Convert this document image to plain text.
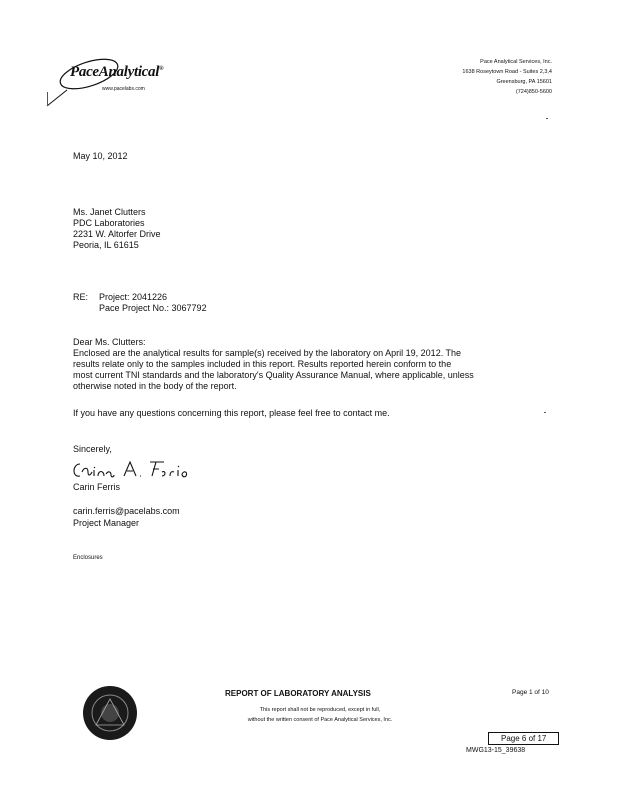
PaceAnalytical®
www.pacelabs.com
Pace Analytical Services, Inc.
1638 Roseytown Road - Suites 2,3,4
Greensburg, PA 15601
(724)850-5600
May 10, 2012
Ms. Janet Clutters
PDC Laboratories
2231 W. Altorfer Drive
Peoria, IL 61615
RE: Project: 2041226
Pace Project No.: 3067792
Dear Ms. Clutters:
Enclosed are the analytical results for sample(s) received by the laboratory on April 19, 2012. The
results relate only to the samples included in this report. Results reported herein conform to the
most current TNI standards and the laboratory's Quality Assurance Manual, where applicable, unless
otherwise noted in the body of the report.
If you have any questions concerning this report, please feel free to contact me.
Sincerely,
Carin Ferris
carin.ferris@pacelabs.com
Project Manager
Enclosures
REPORT OF LABORATORY ANALYSIS
This report shall not be reproduced, except in full,
without the written consent of Pace Analytical Services, Inc.
Page 1 of 10
Page 6 of 17
MWG13-15_39638
